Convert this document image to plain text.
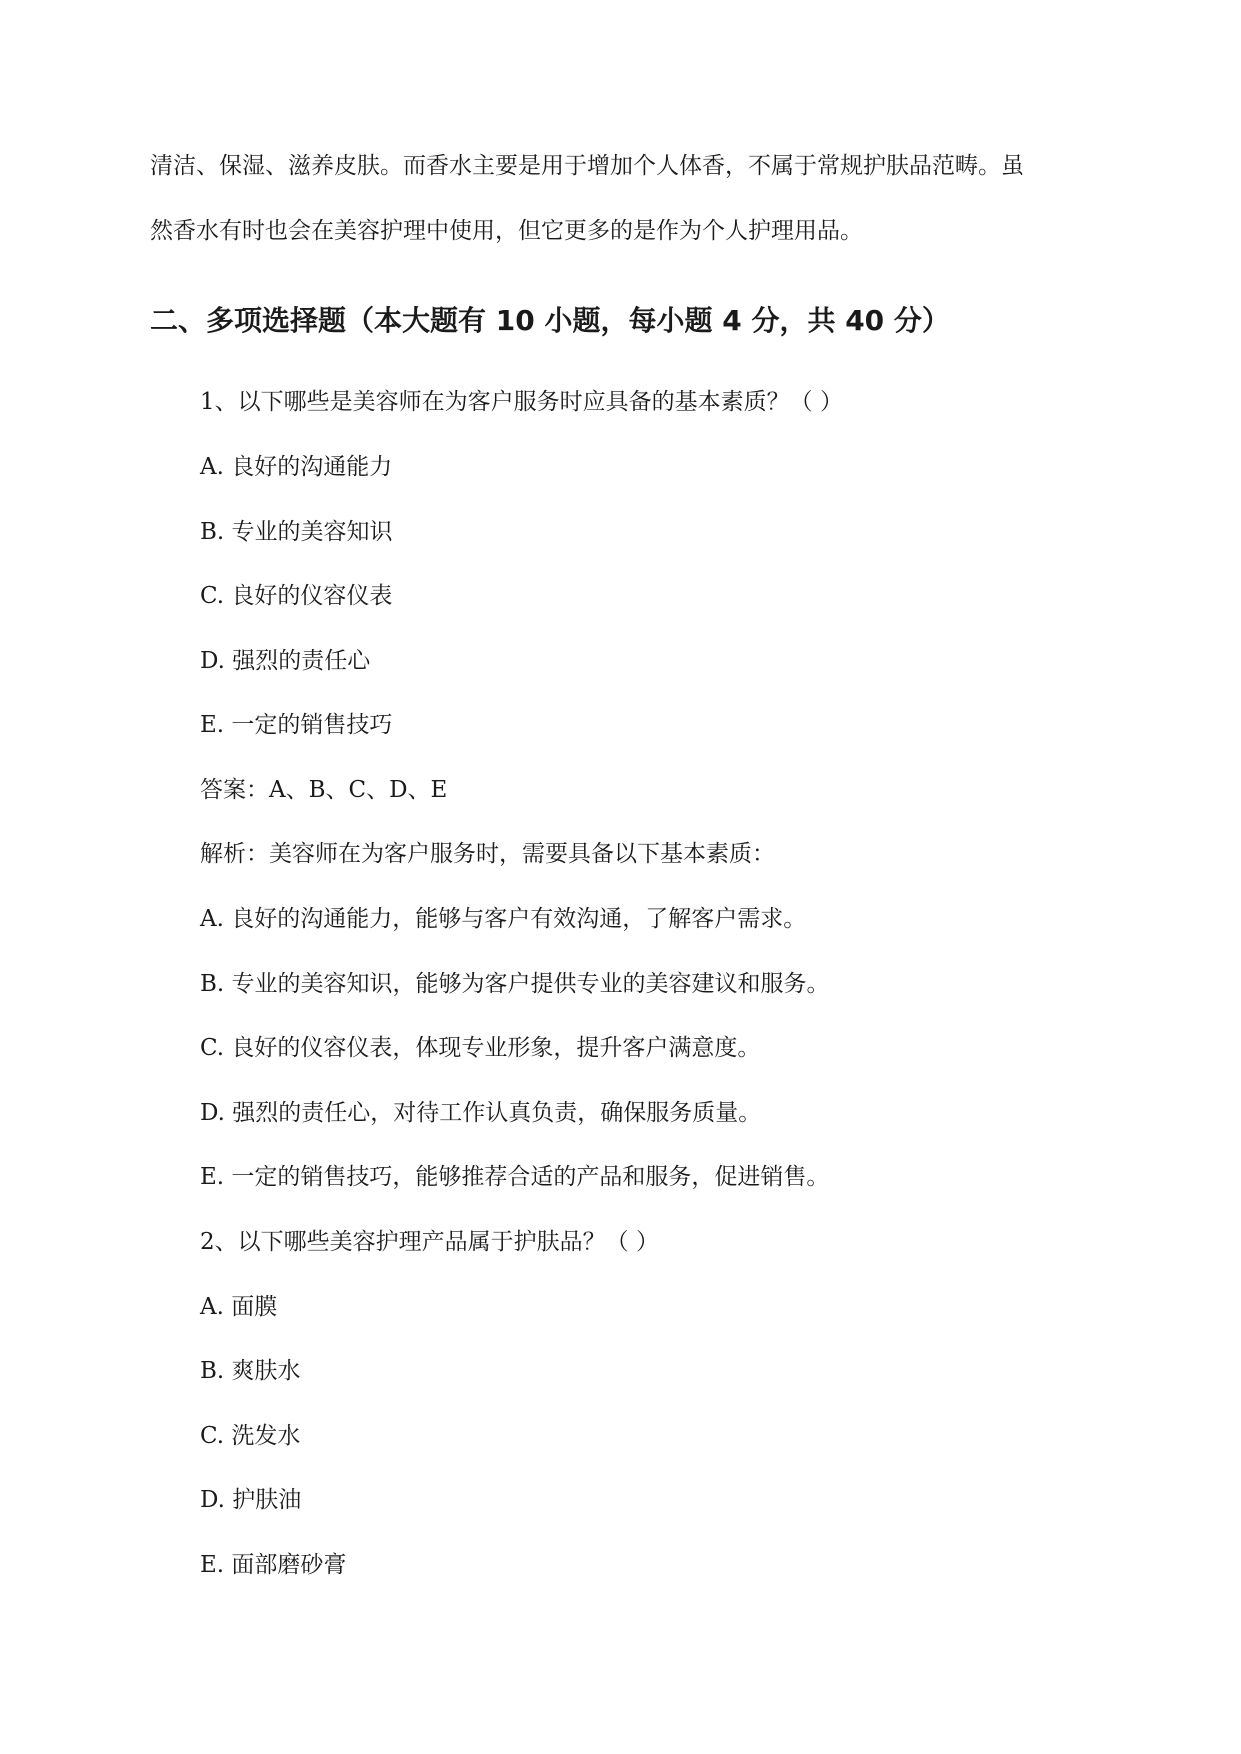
清洁、保湿、滋养皮肤。而香水主要是用于增加个人体香，不属于常规护肤品范畴。虽
然香水有时也会在美容护理中使用，但它更多的是作为个人护理用品。
二、多项选择题（本大题有 10 小题，每小题 4 分，共 40 分）
1、以下哪些是美容师在为客户服务时应具备的基本素质？（ ）
A. 良好的沟通能力
B. 专业的美容知识
C. 良好的仪容仪表
D. 强烈的责任心
E. 一定的销售技巧
答案：A、B、C、D、E
解析：美容师在为客户服务时，需要具备以下基本素质：
A. 良好的沟通能力，能够与客户有效沟通，了解客户需求。
B. 专业的美容知识，能够为客户提供专业的美容建议和服务。
C. 良好的仪容仪表，体现专业形象，提升客户满意度。
D. 强烈的责任心，对待工作认真负责，确保服务质量。
E. 一定的销售技巧，能够推荐合适的产品和服务，促进销售。
2、以下哪些美容护理产品属于护肤品？（ ）
A. 面膜
B. 爽肤水
C. 洗发水
D. 护肤油
E. 面部磨砂膏
